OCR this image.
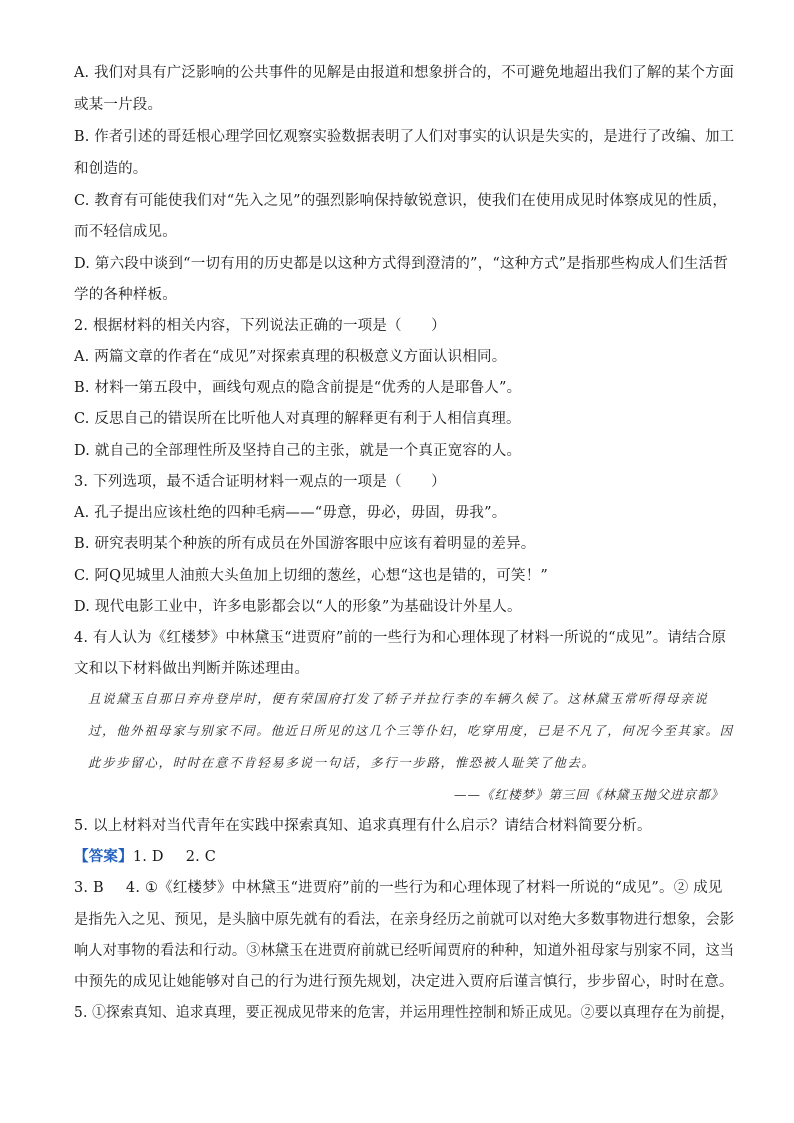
A. 我们对具有广泛影响的公共事件的见解是由报道和想象拼合的，不可避免地超出我们了解的某个方面
或某一片段。
B. 作者引述的哥廷根心理学回忆观察实验数据表明了人们对事实的认识是失实的，是进行了改编、加工
和创造的。
C. 教育有可能使我们对“先入之见”的强烈影响保持敏锐意识，使我们在使用成见时体察成见的性质，
而不轻信成见。
D. 第六段中谈到“一切有用的历史都是以这种方式得到澄清的”，“这种方式”是指那些构成人们生活哲
学的各种样板。
2. 根据材料的相关内容，下列说法正确的一项是（　　）
A. 两篇文章的作者在“成见”对探索真理的积极意义方面认识相同。
B. 材料一第五段中，画线句观点的隐含前提是“优秀的人是耶鲁人”。
C. 反思自己的错误所在比听他人对真理的解释更有利于人相信真理。
D. 就自己的全部理性所及坚持自己的主张，就是一个真正宽容的人。
3. 下列选项，最不适合证明材料一观点的一项是（　　）
A. 孔子提出应该杜绝的四种毛病——“毋意，毋必，毋固，毋我”。
B. 研究表明某个种族的所有成员在外国游客眼中应该有着明显的差异。
C. 阿Q见城里人油煎大头鱼加上切细的葱丝，心想“这也是错的，可笑！”
D. 现代电影工业中，许多电影都会以“人的形象”为基础设计外星人。
4. 有人认为《红楼梦》中林黛玉“进贾府”前的一些行为和心理体现了材料一所说的“成见”。请结合原
文和以下材料做出判断并陈述理由。
且说黛玉自那日弃舟登岸时，便有荣国府打发了轿子并拉行李的车辆久候了。这林黛玉常听得母亲说
过，他外祖母家与别家不同。他近日所见的这几个三等仆妇，吃穿用度，已是不凡了，何况今至其家。因
此步步留心，时时在意不肯轻易多说一句话，多行一步路，惟恐被人耻笑了他去。
——《红楼梦》第三回《林黛玉抛父进京都》
5. 以上材料对当代青年在实践中探索真知、追求真理有什么启示？请结合材料简要分析。
【答案】1. D 2. C
3. B 4. ①《红楼梦》中林黛玉“进贾府”前的一些行为和心理体现了材料一所说的“成见”。② 成见
是指先入之见、预见，是头脑中原先就有的看法，在亲身经历之前就可以对绝大多数事物进行想象，会影
响人对事物的看法和行动。③林黛玉在进贾府前就已经听闻贾府的种种，知道外祖母家与别家不同，这当
中预先的成见让她能够对自己的行为进行预先规划，决定进入贾府后谨言慎行，步步留心，时时在意。
5. ①探索真知、追求真理，要正视成见带来的危害，并运用理性控制和矫正成见。②要以真理存在为前提，
